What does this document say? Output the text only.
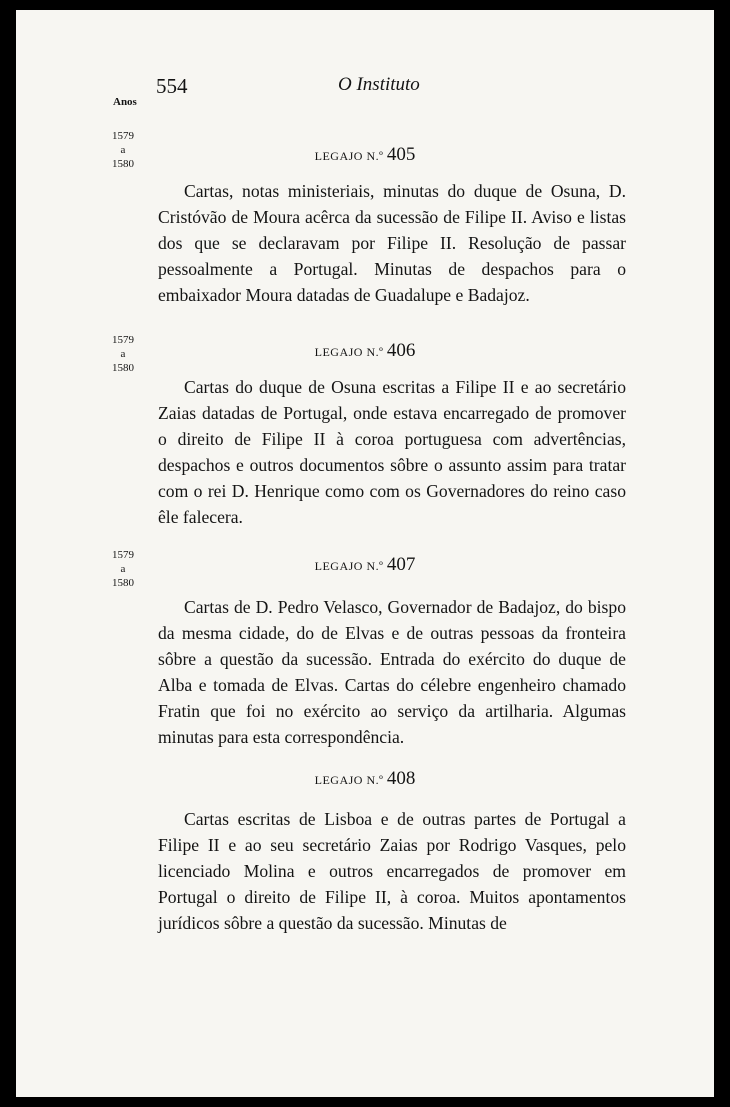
554	O Instituto
Anos
1579
a
1580
LEGAJO N.º 405

Cartas, notas ministeriais, minutas do duque de Osuna, D. Cristóvão de Moura acêrca da sucessão de Filipe II. Aviso e listas dos que se declaravam por Filipe II. Resolução de passar pessoalmente a Portugal. Minutas de despachos para o embaixador Moura datadas de Guadalupe e Badajoz.

1579
a
1580
LEGAJO N.º 406

Cartas do duque de Osuna escritas a Filipe II e ao secretário Zaias datadas de Portugal, onde estava encarregado de promover o direito de Filipe II à coroa portuguesa com advertências, despachos e outros documentos sôbre o assunto assim para tratar com o rei D. Henrique como com os Governadores do reino caso êle falecera.

1579
a
1580
LEGAJO N.º 407

Cartas de D. Pedro Velasco, Governador de Badajoz, do bispo da mesma cidade, do de Elvas e de outras pessoas da fronteira sôbre a questão da sucessão. Entrada do exército do duque de Alba e tomada de Elvas. Cartas do célebre engenheiro chamado Fratin que foi no exército ao serviço da artilharia. Algumas minutas para esta correspondência.

LEGAJO N.º 408

Cartas escritas de Lisboa e de outras partes de Portugal a Filipe II e ao seu secretário Zaias por Rodrigo Vasques, pelo licenciado Molina e outros encarregados de promover em Portugal o direito de Filipe II, à coroa. Muitos apontamentos jurídicos sôbre a questão da sucessão. Minutas de
